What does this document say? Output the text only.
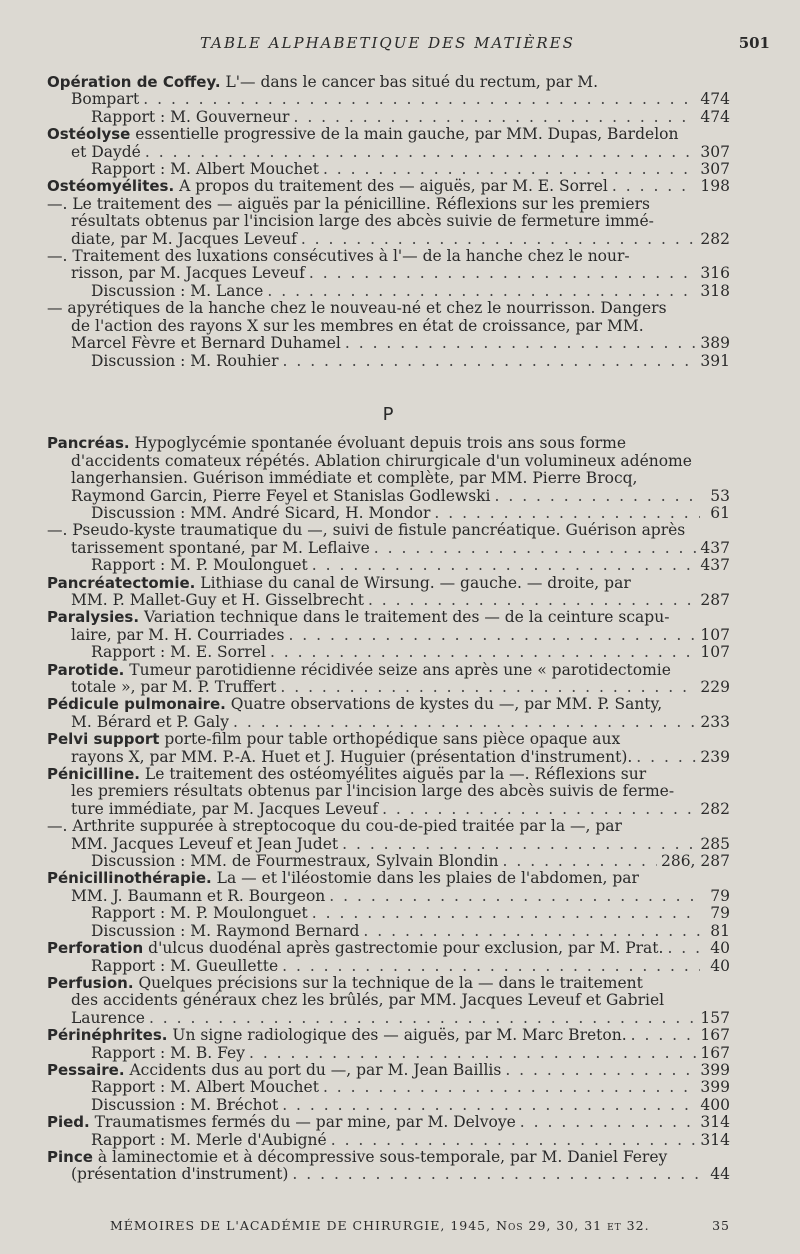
TABLE ALPHABETIQUE DES MATIÈRES	501
Opération de Coffey. L'— dans le cancer bas situé du rectum, par M.
Bompart . . .	474
Rapport : M. Gouverneur . . .	474
Ostéolyse essentielle progressive de la main gauche, par MM. Dupas, Bardelon
et Daydé . . .	307
Rapport : M. Albert Mouchet . . .	307
Ostéomyélites. A propos du traitement des — aiguës, par M. E. Sorrel . . .	198
—. Le traitement des — aiguës par la pénicilline. Réflexions sur les premiers
résultats obtenus par l'incision large des abcès suivie de fermeture immé-
diate, par M. Jacques Leveuf . . .	282
—. Traitement des luxations consécutives à l'— de la hanche chez le nour-
risson, par M. Jacques Leveuf . . .	316
Discussion : M. Lance . . .	318
— apyrétiques de la hanche chez le nouveau-né et chez le nourrisson. Dangers
de l'action des rayons X sur les membres en état de croissance, par MM.
Marcel Fèvre et Bernard Duhamel . . .	389
Discussion : M. Rouhier . . .	391
P
Pancréas. Hypoglycémie spontanée évoluant depuis trois ans sous forme
d'accidents comateux répétés. Ablation chirurgicale d'un volumineux adénome
langerhansien. Guérison immédiate et complète, par MM. Pierre Brocq,
Raymond Garcin, Pierre Feyel et Stanislas Godlewski . . .	53
Discussion : MM. André Sicard, H. Mondor . . .	61
—. Pseudo-kyste traumatique du —, suivi de fistule pancréatique. Guérison après
tarissement spontané, par M. Leflaive . . .	437
Rapport : M. P. Moulonguet . . .	437
Pancréatectomie. Lithiase du canal de Wirsung. — gauche. — droite, par
MM. P. Mallet-Guy et H. Gisselbrecht . . .	287
Paralysies. Variation technique dans le traitement des — de la ceinture scapu-
laire, par M. H. Courriades . . .	107
Rapport : M. E. Sorrel . . .	107
Parotide. Tumeur parotidienne récidivée seize ans après une « parotidectomie
totale », par M. P. Truffert . . .	229
Pédicule pulmonaire. Quatre observations de kystes du —, par MM. P. Santy,
M. Bérard et P. Galy . . .	233
Pelvi support porte-film pour table orthopédique sans pièce opaque aux
rayons X, par MM. P.-A. Huet et J. Huguier (présentation d'instrument). . . .	239
Pénicilline. Le traitement des ostéomyélites aiguës par la —. Réflexions sur
les premiers résultats obtenus par l'incision large des abcès suivis de ferme-
ture immédiate, par M. Jacques Leveuf . . .	282
—. Arthrite suppurée à streptocoque du cou-de-pied traitée par la —, par
MM. Jacques Leveuf et Jean Judet . . .	285
Discussion : MM. de Fourmestraux, Sylvain Blondin . . .	286, 287
Pénicillinothérapie. La — et l'iléostomie dans les plaies de l'abdomen, par
MM. J. Baumann et R. Bourgeon . . .	79
Rapport : M. P. Moulonguet . . .	79
Discussion : M. Raymond Bernard . . .	81
Perforation d'ulcus duodénal après gastrectomie pour exclusion, par M. Prat. . . .	40
Rapport : M. Gueullette . . .	40
Perfusion. Quelques précisions sur la technique de la — dans le traitement
des accidents généraux chez les brûlés, par MM. Jacques Leveuf et Gabriel
Laurence . . .	157
Périnéphrites. Un signe radiologique des — aiguës, par M. Marc Breton. . . .	167
Rapport : M. B. Fey . . .	167
Pessaire. Accidents dus au port du —, par M. Jean Baillis . . .	399
Rapport : M. Albert Mouchet . . .	399
Discussion : M. Bréchot . . .	400
Pied. Traumatismes fermés du — par mine, par M. Delvoye . . .	314
Rapport : M. Merle d'Aubigné . . .	314
Pince à laminectomie et à décompressive sous-temporale, par M. Daniel Ferey
(présentation d'instrument) . . .	44
MÉMOIRES DE L'ACADÉMIE DE CHIRURGIE, 1945, Nos 29, 30, 31 et 32.	35
